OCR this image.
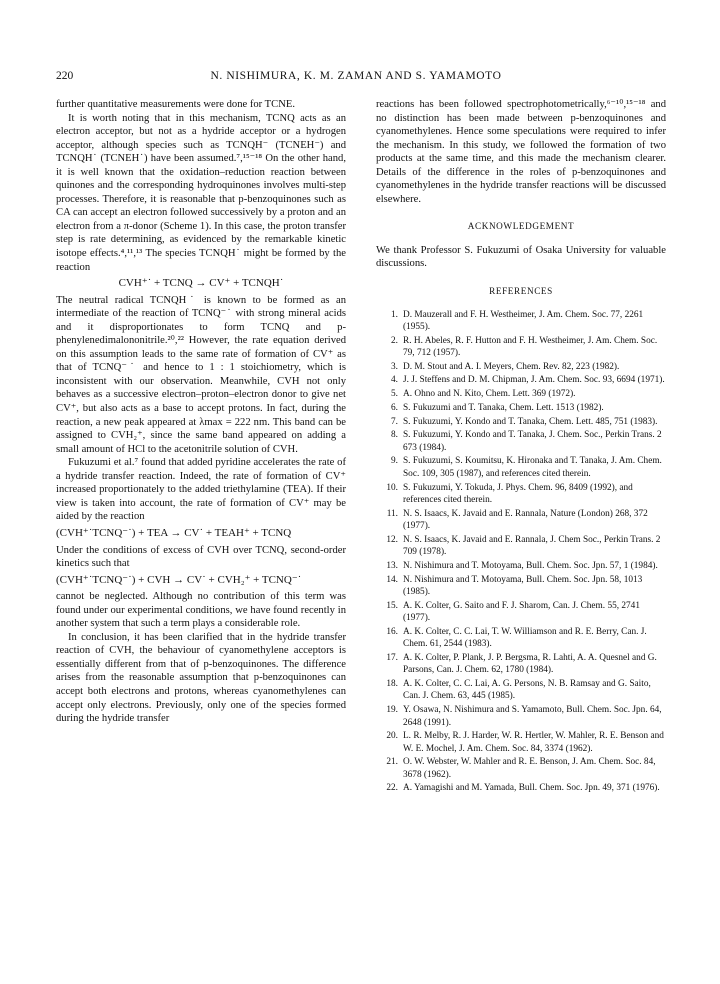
220	N. NISHIMURA, K. M. ZAMAN AND S. YAMAMOTO

further quantitative measurements were done for TCNE.

It is worth noting that in this mechanism, TCNQ acts as an electron acceptor, but not as a hydride acceptor or a hydrogen acceptor, although species such as TCNQH⁻ (TCNEH⁻) and TCNQH˙ (TCNEH˙) have been assumed.⁷,¹⁵⁻¹⁸ On the other hand, it is well known that the oxidation–reduction reaction between quinones and the corresponding hydroquinones involves multi-step processes. Therefore, it is reasonable that p-benzoquinones such as CA can accept an electron followed successively by a proton and an electron from a π-donor (Scheme 1). In this case, the proton transfer step is rate determining, as evidenced by the remarkable kinetic isotope effects.⁴,¹¹,¹³ The species TCNQH˙ might be formed by the reaction

CVH⁺˙ + TCNQ → CV⁺ + TCNQH˙

The neutral radical TCNQH˙ is known to be formed as an intermediate of the reaction of TCNQ⁻˙ with strong mineral acids and it disproportionates to form TCNQ and p-phenylenedimalononitrile.²⁰,²² However, the rate equation derived on this assumption leads to the same rate of formation of CV⁺ as that of TCNQ⁻˙ and hence to 1 : 1 stoichiometry, which is inconsistent with our observation. Meanwhile, CVH not only behaves as a successive electron–proton–electron donor to give net CV⁺, but also acts as a base to accept protons. In fact, during the reaction, a new peak appeared at λmax = 222 nm. This band can be assigned to CVH₂⁺, since the same band appeared on adding a small amount of HCl to the acetonitrile solution of CVH.

Fukuzumi et al.⁷ found that added pyridine accelerates the rate of a hydride transfer reaction. Indeed, the rate of formation of CV⁺ increased proportionately to the added triethylamine (TEA). If their view is taken into account, the rate of formation of CV⁺ may be aided by the reaction

(CVH⁺˙TCNQ⁻˙) + TEA → CV˙ + TEAH⁺ + TCNQ

Under the conditions of excess of CVH over TCNQ, second-order kinetics such that

(CVH⁺˙TCNQ⁻˙) + CVH → CV˙ + CVH₂⁺ + TCNQ⁻˙

cannot be neglected. Although no contribution of this term was found under our experimental conditions, we have found recently in another system that such a term plays a considerable role.

In conclusion, it has been clarified that in the hydride transfer reaction of CVH, the behaviour of cyanomethylene acceptors is essentially different from that of p-benzoquinones. The difference arises from the reasonable assumption that p-benzoquinones can accept both electrons and protons, whereas cyanomethylenes can accept only electrons. Previously, only one of the species formed during the hydride transfer

reactions has been followed spectrophotometrically,⁶⁻¹⁰,¹⁵⁻¹⁸ and no distinction has been made between p-benzoquinones and cyanomethylenes. Hence some speculations were required to infer the mechanism. In this study, we followed the formation of two products at the same time, and this made the mechanism clearer. Details of the difference in the roles of p-benzoquinones and cyanomethylenes in the hydride transfer reactions will be discussed elsewhere.

ACKNOWLEDGEMENT

We thank Professor S. Fukuzumi of Osaka University for valuable discussions.

REFERENCES
1. D. Mauzerall and F. H. Westheimer, J. Am. Chem. Soc. 77, 2261 (1955).
2. R. H. Abeles, R. F. Hutton and F. H. Westheimer, J. Am. Chem. Soc. 79, 712 (1957).
3. D. M. Stout and A. I. Meyers, Chem. Rev. 82, 223 (1982).
4. J. J. Steffens and D. M. Chipman, J. Am. Chem. Soc. 93, 6694 (1971).
5. A. Ohno and N. Kito, Chem. Lett. 369 (1972).
6. S. Fukuzumi and T. Tanaka, Chem. Lett. 1513 (1982).
7. S. Fukuzumi, Y. Kondo and T. Tanaka, Chem. Lett. 485, 751 (1983).
8. S. Fukuzumi, Y. Kondo and T. Tanaka, J. Chem. Soc., Perkin Trans. 2 673 (1984).
9. S. Fukuzumi, S. Koumitsu, K. Hironaka and T. Tanaka, J. Am. Chem. Soc. 109, 305 (1987), and references cited therein.
10. S. Fukuzumi, Y. Tokuda, J. Phys. Chem. 96, 8409 (1992), and references cited therein.
11. N. S. Isaacs, K. Javaid and E. Rannala, Nature (London) 268, 372 (1977).
12. N. S. Isaacs, K. Javaid and E. Rannala, J. Chem Soc., Perkin Trans. 2 709 (1978).
13. N. Nishimura and T. Motoyama, Bull. Chem. Soc. Jpn. 57, 1 (1984).
14. N. Nishimura and T. Motoyama, Bull. Chem. Soc. Jpn. 58, 1013 (1985).
15. A. K. Colter, G. Saito and F. J. Sharom, Can. J. Chem. 55, 2741 (1977).
16. A. K. Colter, C. C. Lai, T. W. Williamson and R. E. Berry, Can. J. Chem. 61, 2544 (1983).
17. A. K. Colter, P. Plank, J. P. Bergsma, R. Lahti, A. A. Quesnel and G. Parsons, Can. J. Chem. 62, 1780 (1984).
18. A. K. Colter, C. C. Lai, A. G. Persons, N. B. Ramsay and G. Saito, Can. J. Chem. 63, 445 (1985).
19. Y. Osawa, N. Nishimura and S. Yamamoto, Bull. Chem. Soc. Jpn. 64, 2648 (1991).
20. L. R. Melby, R. J. Harder, W. R. Hertler, W. Mahler, R. E. Benson and W. E. Mochel, J. Am. Chem. Soc. 84, 3374 (1962).
21. O. W. Webster, W. Mahler and R. E. Benson, J. Am. Chem. Soc. 84, 3678 (1962).
22. A. Yamagishi and M. Yamada, Bull. Chem. Soc. Jpn. 49, 371 (1976).
